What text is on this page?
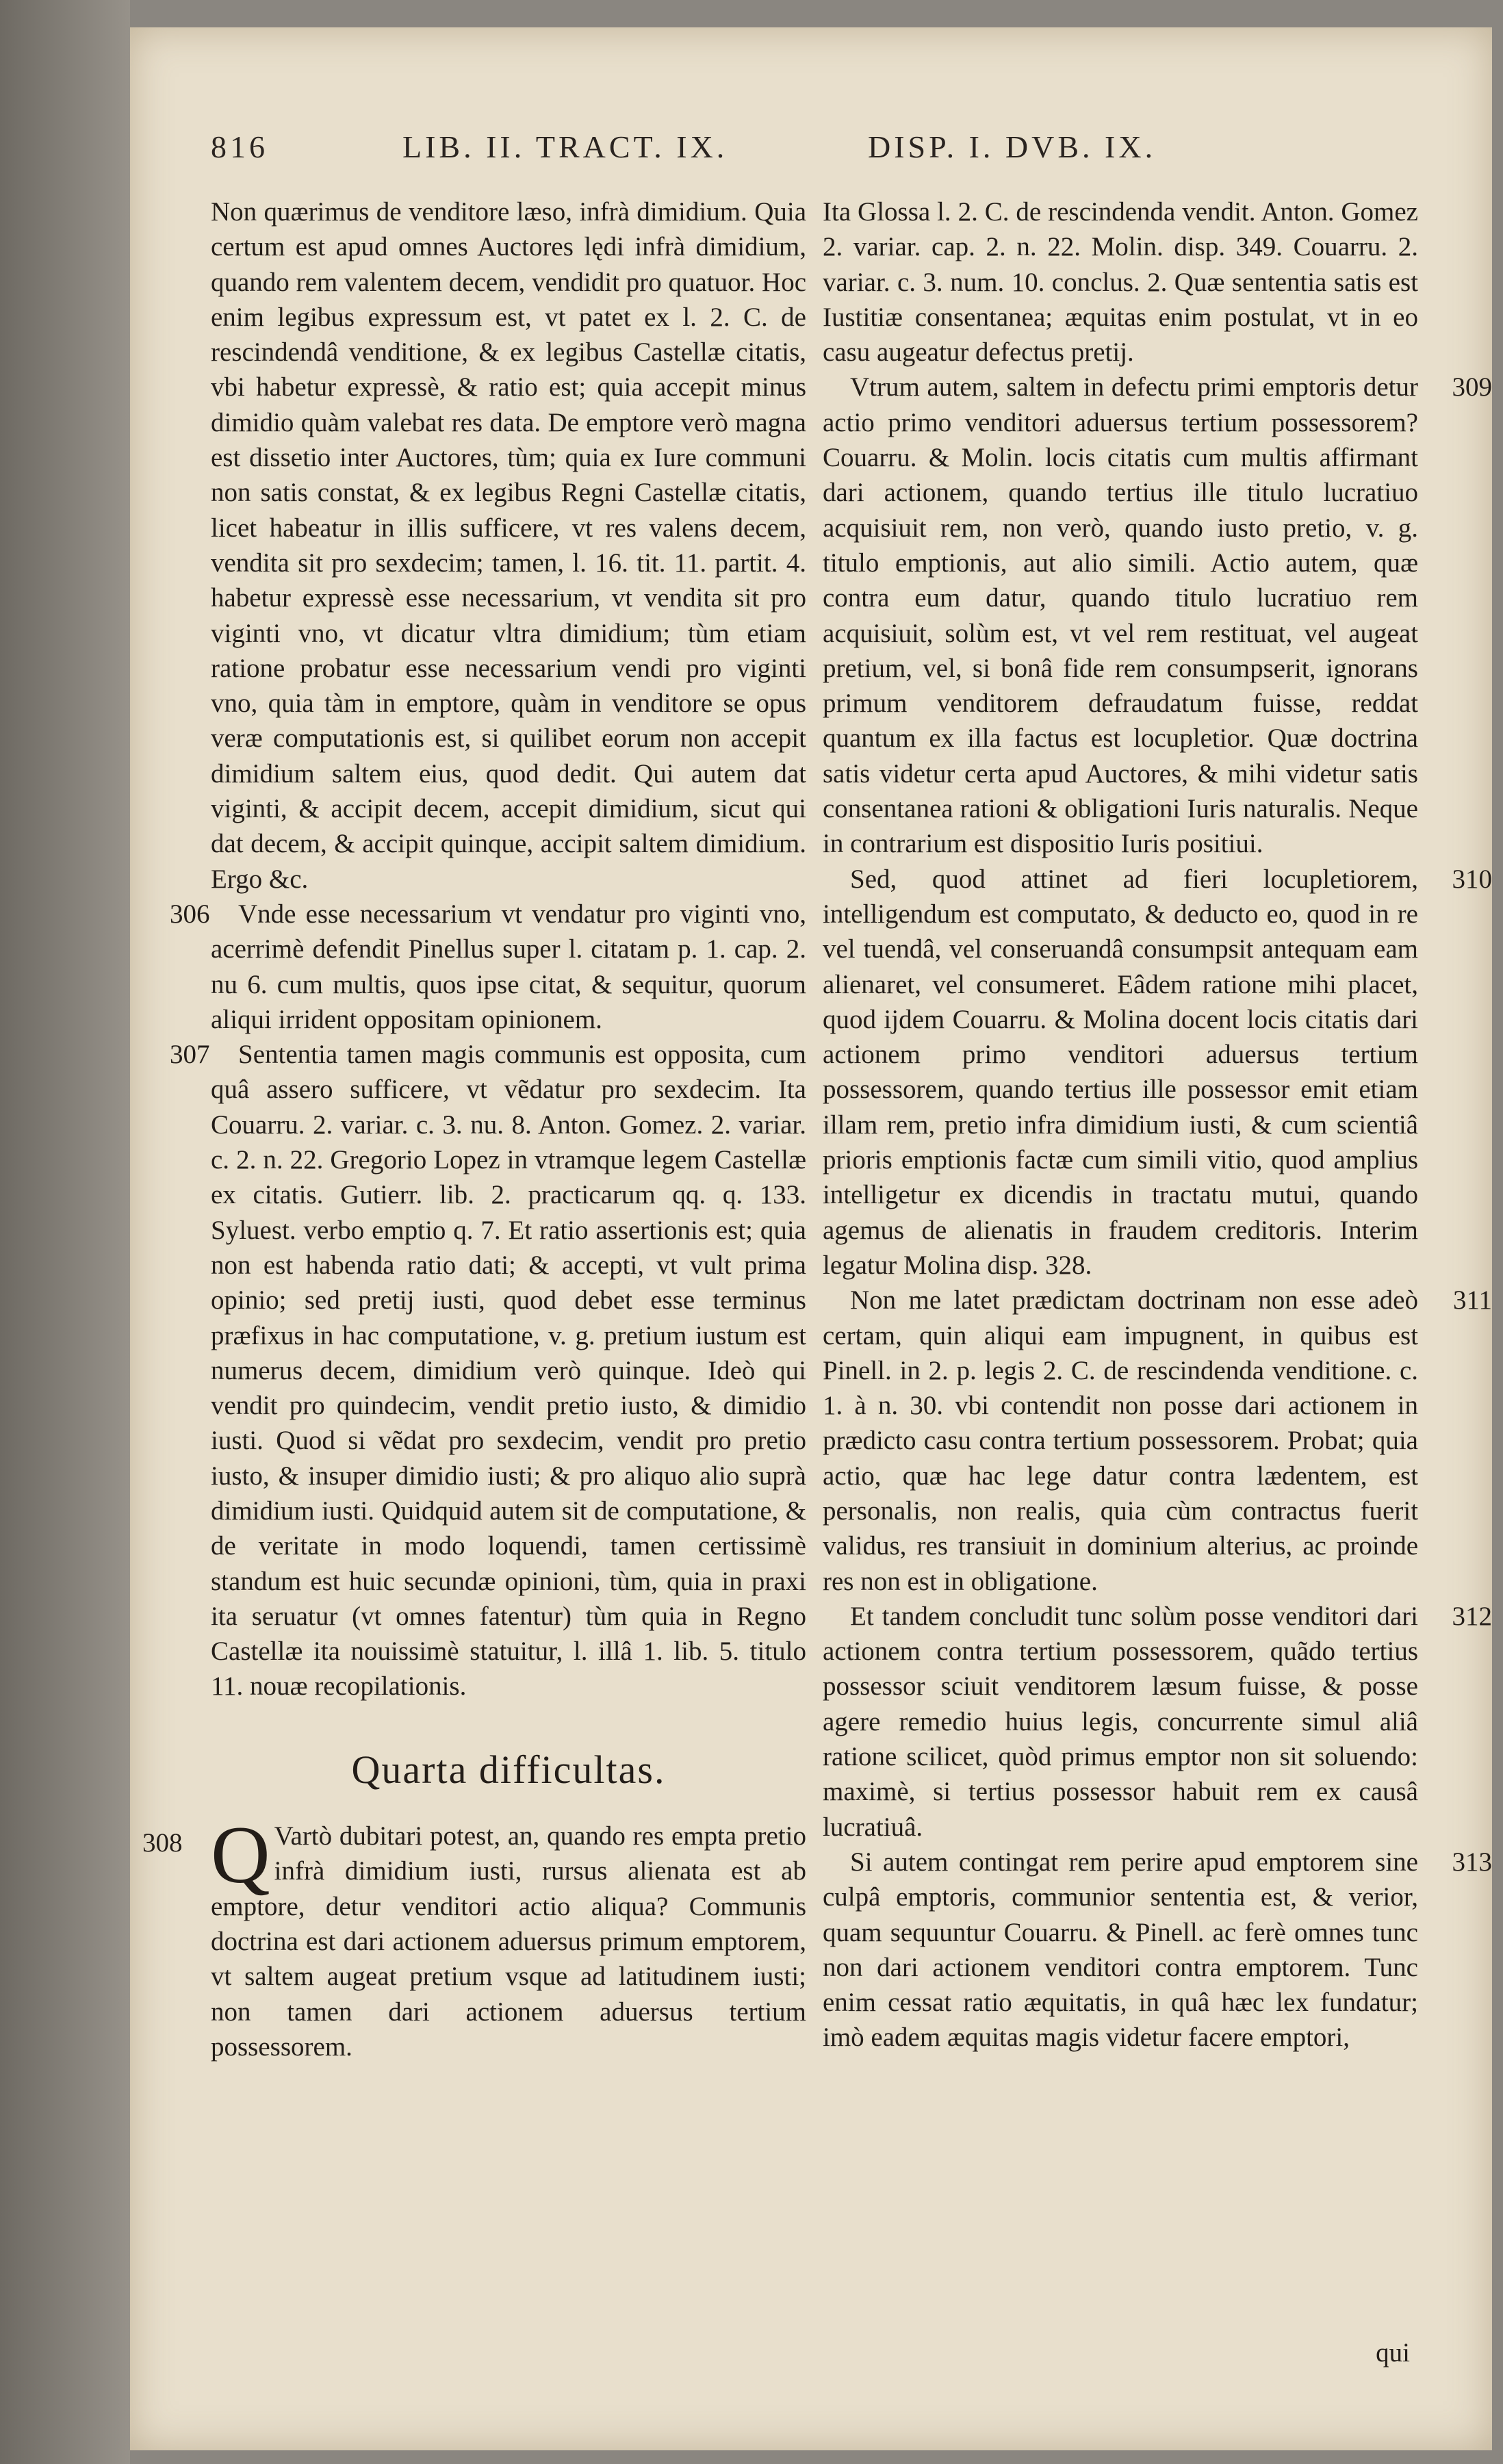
816	LIB. II. TRACT. IX.	DISP. I. DVB. IX.

Non quærimus de venditore læso, infrà dimidium. Quia certum est apud omnes Auctores lędi infrà dimidium, quando rem valentem decem, vendidit pro quatuor. Hoc enim legibus expressum est, vt patet ex l. 2. C. de rescindendâ venditione, & ex legibus Castellæ citatis, vbi habetur expressè, & ratio est; quia accepit minus dimidio quàm valebat res data. De emptore verò magna est dissetio inter Auctores, tùm; quia ex Iure communi non satis constat, & ex legibus Regni Castellæ citatis, licet habeatur in illis sufficere, vt res valens decem, vendita sit pro sexdecim; tamen, l. 16. tit. 11. partit. 4. habetur expressè esse necessarium, vt vendita sit pro viginti vno, vt dicatur vltra dimidium; tùm etiam ratione probatur esse necessarium vendi pro viginti vno, quia tàm in emptore, quàm in venditore se opus veræ computationis est, si quilibet eorum non accepit dimidium saltem eius, quod dedit. Qui autem dat viginti, & accipit decem, accepit dimidium, sicut qui dat decem, & accipit quinque, accipit saltem dimidium. Ergo &c.

306 Vnde esse necessarium vt vendatur pro viginti vno, acerrimè defendit Pinellus super l. citatam p. 1. cap. 2. nu 6. cum multis, quos ipse citat, & sequitur, quorum aliqui irrident oppositam opinionem.

307 Sententia tamen magis communis est opposita, cum quâ assero sufficere, vt vẽdatur pro sexdecim. Ita Couarru. 2. variar. c. 3. nu. 8. Anton. Gomez. 2. variar. c. 2. n. 22. Gregorio Lopez in vtramque legem Castellæ ex citatis. Gutierr. lib. 2. practicarum qq. q. 133. Syluest. verbo emptio q. 7. Et ratio assertionis est; quia non est habenda ratio dati; & accepti, vt vult prima opinio; sed pretij iusti, quod debet esse terminus præfixus in hac computatione, v. g. pretium iustum est numerus decem, dimidium verò quinque. Ideò qui vendit pro quindecim, vendit pretio iusto, & dimidio iusti. Quod si vẽdat pro sexdecim, vendit pro pretio iusto, & insuper dimidio iusti; & pro aliquo alio suprà dimidium iusti. Quidquid autem sit de computatione, & de veritate in modo loquendi, tamen certissimè standum est huic secundæ opinioni, tùm, quia in praxi ita seruatur (vt omnes fatentur) tùm quia in Regno Castellæ ita nouissimè statuitur, l. illâ 1. lib. 5. titulo 11. nouæ recopilationis.

Quarta difficultas.

308 Q Vartò dubitari potest, an, quando res empta pretio infrà dimidium iusti, rursus alienata est ab emptore, detur venditori actio aliqua? Communis doctrina est dari actionem aduersus primum emptorem, vt saltem augeat pretium vsque ad latitudinem iusti; non tamen dari actionem aduersus tertium possessorem.

Ita Glossa l. 2. C. de rescindenda vendit. Anton. Gomez 2. variar. cap. 2. n. 22. Molin. disp. 349. Couarru. 2. variar. c. 3. num. 10. conclus. 2. Quæ sententia satis est Iustitiæ consentanea; æquitas enim postulat, vt in eo casu augeatur defectus pretij.

309
Vtrum autem, saltem in defectu primi emptoris detur actio primo venditori aduersus tertium possessorem? Couarru. & Molin. locis citatis cum multis affirmant dari actionem, quando tertius ille titulo lucratiuo acquisiuit rem, non verò, quando iusto pretio, v. g. titulo emptionis, aut alio simili. Actio autem, quæ contra eum datur, quando titulo lucratiuo rem acquisiuit, solùm est, vt vel rem restituat, vel augeat pretium, vel, si bonâ fide rem consumpserit, ignorans primum venditorem defraudatum fuisse, reddat quantum ex illa factus est locupletior. Quæ doctrina satis videtur certa apud Auctores, & mihi videtur satis consentanea rationi & obligationi Iuris naturalis. Neque in contrarium est dispositio Iuris positiui.

310
Sed, quod attinet ad fieri locupletiorem, intelligendum est computato, & deducto eo, quod in re vel tuendâ, vel conseruandâ consumpsit antequam eam alienaret, vel consumeret. Eâdem ratione mihi placet, quod ijdem Couarru. & Molina docent locis citatis dari actionem primo venditori aduersus tertium possessorem, quando tertius ille possessor emit etiam illam rem, pretio infra dimidium iusti, & cum scientiâ prioris emptionis factæ cum simili vitio, quod amplius intelligetur ex dicendis in tractatu mutui, quando agemus de alienatis in fraudem creditoris. Interim legatur Molina disp. 328.

311
Non me latet prædictam doctrinam non esse adeò certam, quin aliqui eam impugnent, in quibus est Pinell. in 2. p. legis 2. C. de rescindenda venditione. c. 1. à n. 30. vbi contendit non posse dari actionem in prædicto casu contra tertium possessorem. Probat; quia actio, quæ hac lege datur contra lædentem, est personalis, non realis, quia cùm contractus fuerit validus, res transiuit in dominium alterius, ac proinde res non est in obligatione.

312
Et tandem concludit tunc solùm posse venditori dari actionem contra tertium possessorem, quãdo tertius possessor sciuit venditorem læsum fuisse, & posse agere remedio huius legis, concurrente simul aliâ ratione scilicet, quòd primus emptor non sit soluendo: maximè, si tertius possessor habuit rem ex causâ lucratiuâ.

313
Si autem contingat rem perire apud emptorem sine culpâ emptoris, communior sententia est, & verior, quam sequuntur Couarru. & Pinell. ac ferè omnes tunc non dari actionem venditori contra emptorem. Tunc enim cessat ratio æquitatis, in quâ hæc lex fundatur; imò eadem æquitas magis videtur facere emptori,

qui
